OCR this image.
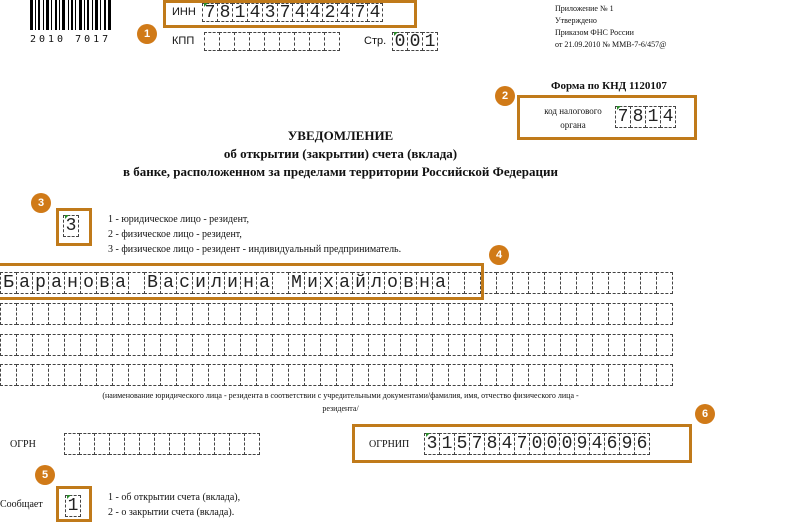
2010 7017
ИНН 7 8 1 4 3 7 4 4 2 4 7 4
1
КПП	Стр. 0 0 1
Приложение № 1
Утверждено
Приказом ФНС России
от 21.09.2010 № ММВ-7-6/457@
Форма по КНД 1120107
код налогового
органа	7 8 1 4
2
УВЕДОМЛЕНИЕ
об открытии (закрытии) счета (вклада)
в банке, расположенном за пределами территории Российской Федерации
3
3
1 - юридическое лицо - резидент,
2 - физическое лицо - резидент,
3 - физическое лицо - резидент - индивидуальный предприниматель.
Б а р а н о в а В а с и л и н а М и х а й л о в н а
4
(наименование юридического лица - резидента в соответствии с учредительными документами/фамилия, имя, отчество физического лица -
резидента/
ОГРН	ОГРНИП 3 1 5 7 8 4 7 0 0 0 9 4 6 9 6
6
Сообщает 1
5
1 - об открытии счета (вклада),
2 - о закрытии счета (вклада).
